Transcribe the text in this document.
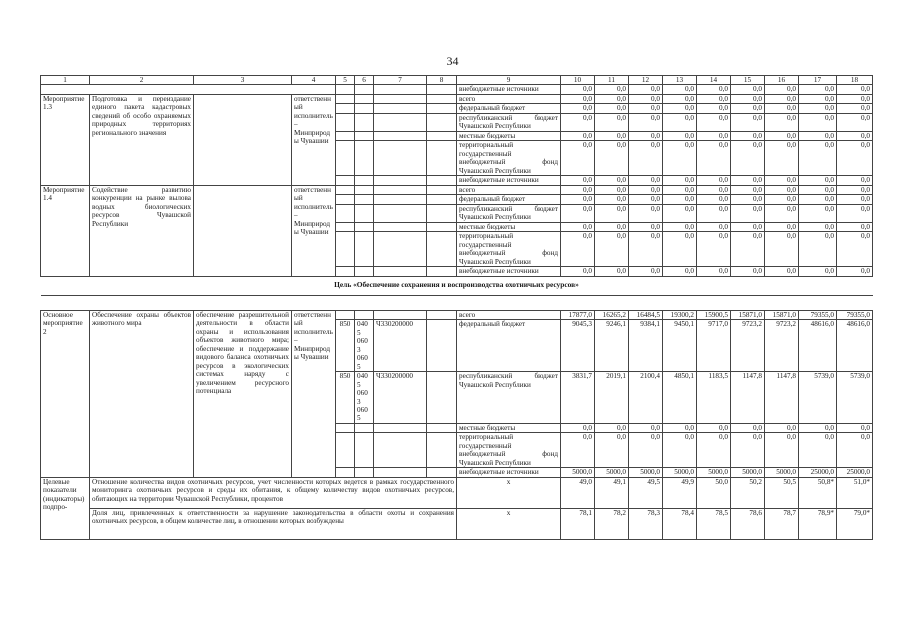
34
1	2	3	4	5	6	7	8	9	10	11	12	13	14	15	16	17	18
								внебюджетные источники	0,0	0,0	0,0	0,0	0,0	0,0	0,0	0,0	0,0
Мероприятие 1.3	Подготовка и переиздание единого пакета кадастровых сведений об особо охраняемых природных территориях регионального значения		ответственный исполнитель – Минприроды Чувашии					всего	0,0	0,0	0,0	0,0	0,0	0,0	0,0	0,0	0,0
								федеральный бюджет	0,0	0,0	0,0	0,0	0,0	0,0	0,0	0,0	0,0
								республиканский бюджет Чувашской Республики	0,0	0,0	0,0	0,0	0,0	0,0	0,0	0,0	0,0
								местные бюджеты	0,0	0,0	0,0	0,0	0,0	0,0	0,0	0,0	0,0
								территориальный государственный внебюджетный фонд Чувашской Республики	0,0	0,0	0,0	0,0	0,0	0,0	0,0	0,0	0,0
								внебюджетные источники	0,0	0,0	0,0	0,0	0,0	0,0	0,0	0,0	0,0
Мероприятие 1.4	Содействие развитию конкуренции на рынке вылова водных биологических ресурсов Чувашской Республики		ответственный исполнитель – Минприроды Чувашии					всего	0,0	0,0	0,0	0,0	0,0	0,0	0,0	0,0	0,0
								федеральный бюджет	0,0	0,0	0,0	0,0	0,0	0,0	0,0	0,0	0,0
								республиканский бюджет Чувашской Республики	0,0	0,0	0,0	0,0	0,0	0,0	0,0	0,0	0,0
								местные бюджеты	0,0	0,0	0,0	0,0	0,0	0,0	0,0	0,0	0,0
								территориальный государственный внебюджетный фонд Чувашской Республики	0,0	0,0	0,0	0,0	0,0	0,0	0,0	0,0	0,0
								внебюджетные источники	0,0	0,0	0,0	0,0	0,0	0,0	0,0	0,0	0,0
Цель «Обеспечение сохранения и воспроизводства охотничьих ресурсов»																	

Основное мероприятие 2	Обеспечение охраны объектов животного мира	обеспечение разрешительной деятельности в области охраны и использования объектов животного мира; обеспечение и поддержание видового баланса охотничьих ресурсов в экологических системах наряду с увеличением ресурсного потенциала	ответственный исполнитель – Минприроды Чувашии					всего	17877,0	16265,2	16484,5	19300,2	15900,5	15871,0	15871,0	79355,0	79355,0
				850	0405 0603 0605	Ч330200000		федеральный бюджет	9045,3	9246,1	9384,1	9450,1	9717,0	9723,2	9723,2	48616,0	48616,0
				850	0405 0603 0605	Ч330200000		республиканский бюджет Чувашской Республики	3831,7	2019,1	2100,4	4850,1	1183,5	1147,8	1147,8	5739,0	5739,0
								местные бюджеты	0,0	0,0	0,0	0,0	0,0	0,0	0,0	0,0	0,0
								территориальный государственный внебюджетный фонд Чувашской Республики	0,0	0,0	0,0	0,0	0,0	0,0	0,0	0,0	0,0
								внебюджетные источники	5000,0	5000,0	5000,0	5000,0	5000,0	5000,0	5000,0	25000,0	25000,0
Целевые показатели (индикаторы) подпро-	Отношение количества видов охотничьих ресурсов, учет численности которых ведется в рамках государственного мониторинга охотничьих ресурсов и среды их обитания, к общему количеству видов охотничьих ресурсов, обитающих на территории Чувашской Республики, процентов							х	49,0	49,1	49,5	49,9	50,0	50,2	50,5	50,8*	51,0*
	Доля лиц, привлеченных к ответственности за нарушение законодательства в области охоты и сохранения охотничьих ресурсов, в общем количестве лиц, в отношении которых возбуждены							х	78,1	78,2	78,3	78,4	78,5	78,6	78,7	78,9*	79,0*
